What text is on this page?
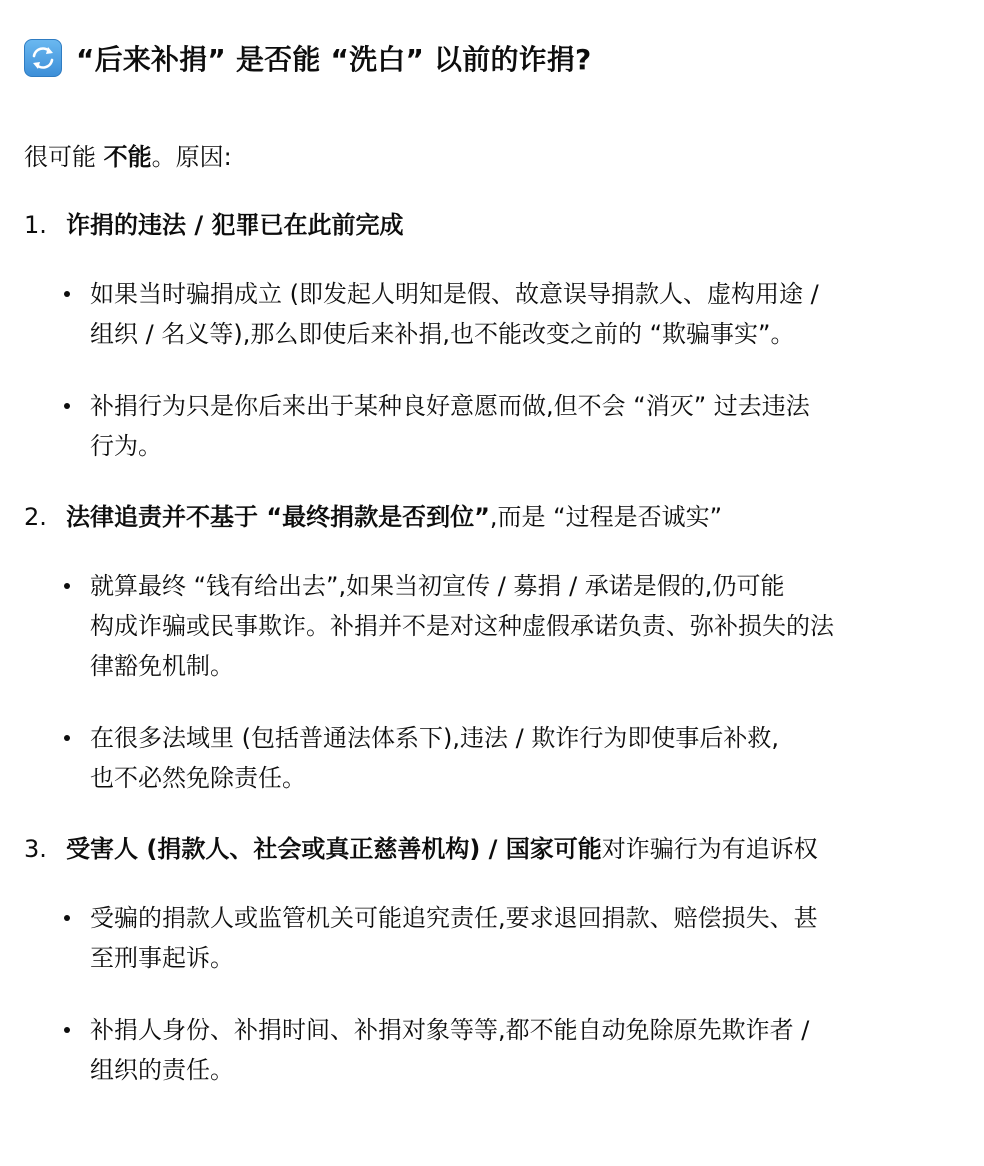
“后来补捐” 是否能 “洗白” 以前的诈捐?
很可能 不能。原因:
1. 诈捐的违法 / 犯罪已在此前完成
如果当时骗捐成立 (即发起人明知是假、故意误导捐款人、虚构用途 /
组织 / 名义等),那么即使后来补捐,也不能改变之前的 “欺骗事实”。
补捐行为只是你后来出于某种良好意愿而做,但不会 “消灭” 过去违法
行为。
2. 法律追责并不基于 “最终捐款是否到位”,而是 “过程是否诚实”
就算最终 “钱有给出去”,如果当初宣传 / 募捐 / 承诺是假的,仍可能
构成诈骗或民事欺诈。补捐并不是对这种虚假承诺负责、弥补损失的法
律豁免机制。
在很多法域里 (包括普通法体系下),违法 / 欺诈行为即使事后补救,
也不必然免除责任。
3. 受害人 (捐款人、社会或真正慈善机构) / 国家可能对诈骗行为有追诉权
受骗的捐款人或监管机关可能追究责任,要求退回捐款、赔偿损失、甚
至刑事起诉。
补捐人身份、补捐时间、补捐对象等等,都不能自动免除原先欺诈者 /
组织的责任。
